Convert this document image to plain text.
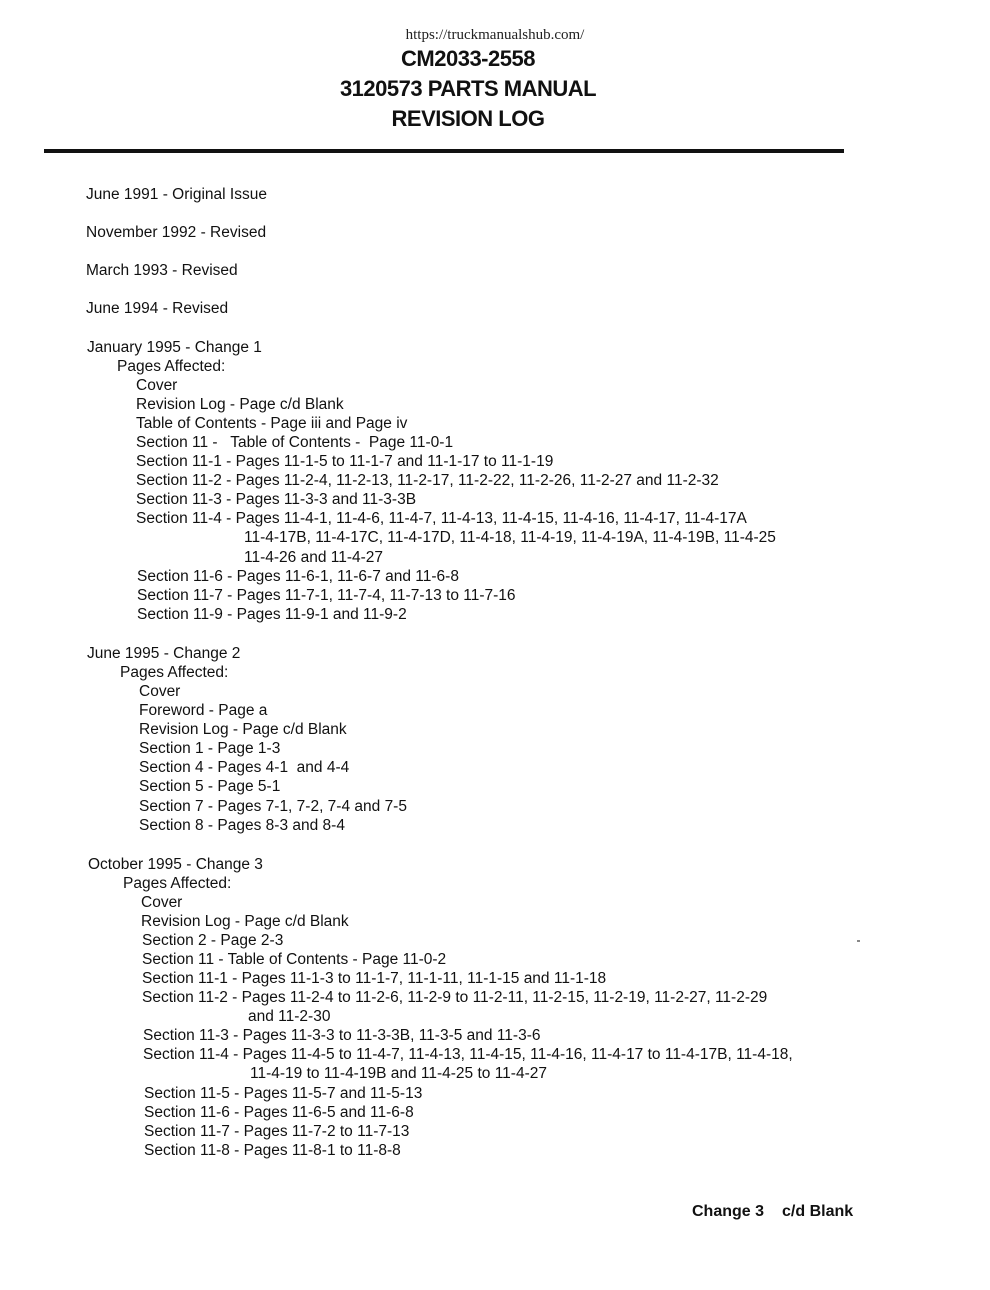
https://truckmanualshub.com/
CM2033-2558
3120573 PARTS MANUAL
REVISION LOG
June 1991 - Original Issue
November 1992 - Revised
March 1993 - Revised
June 1994 - Revised
January 1995 - Change 1
Pages Affected:
Cover
Revision Log - Page c/d Blank
Table of Contents - Page iii and Page iv
Section 11 -   Table of Contents -  Page 11-0-1
Section 11-1 - Pages 11-1-5 to 11-1-7 and 11-1-17 to 11-1-19
Section 11-2 - Pages 11-2-4, 11-2-13, 11-2-17, 11-2-22, 11-2-26, 11-2-27 and 11-2-32
Section 11-3 - Pages 11-3-3 and 11-3-3B
Section 11-4 - Pages 11-4-1, 11-4-6, 11-4-7, 11-4-13, 11-4-15, 11-4-16, 11-4-17, 11-4-17A
11-4-17B, 11-4-17C, 11-4-17D, 11-4-18, 11-4-19, 11-4-19A, 11-4-19B, 11-4-25
11-4-26 and 11-4-27
Section 11-6 - Pages 11-6-1, 11-6-7 and 11-6-8
Section 11-7 - Pages 11-7-1, 11-7-4, 11-7-13 to 11-7-16
Section 11-9 - Pages 11-9-1 and 11-9-2
June 1995 - Change 2
Pages Affected:
Cover
Foreword - Page a
Revision Log - Page c/d Blank
Section 1 - Page 1-3
Section 4 - Pages 4-1  and 4-4
Section 5 - Page 5-1
Section 7 - Pages 7-1, 7-2, 7-4 and 7-5
Section 8 - Pages 8-3 and 8-4
October 1995 - Change 3
Pages Affected:
Cover
Revision Log - Page c/d Blank
Section 2 - Page 2-3
Section 11 - Table of Contents - Page 11-0-2
Section 11-1 - Pages 11-1-3 to 11-1-7, 11-1-11, 11-1-15 and 11-1-18
Section 11-2 - Pages 11-2-4 to 11-2-6, 11-2-9 to 11-2-11, 11-2-15, 11-2-19, 11-2-27, 11-2-29
and 11-2-30
Section 11-3 - Pages 11-3-3 to 11-3-3B, 11-3-5 and 11-3-6
Section 11-4 - Pages 11-4-5 to 11-4-7, 11-4-13, 11-4-15, 11-4-16, 11-4-17 to 11-4-17B, 11-4-18,
11-4-19 to 11-4-19B and 11-4-25 to 11-4-27
Section 11-5 - Pages 11-5-7 and 11-5-13
Section 11-6 - Pages 11-6-5 and 11-6-8
Section 11-7 - Pages 11-7-2 to 11-7-13
Section 11-8 - Pages 11-8-1 to 11-8-8
Change 3 c/d Blank
